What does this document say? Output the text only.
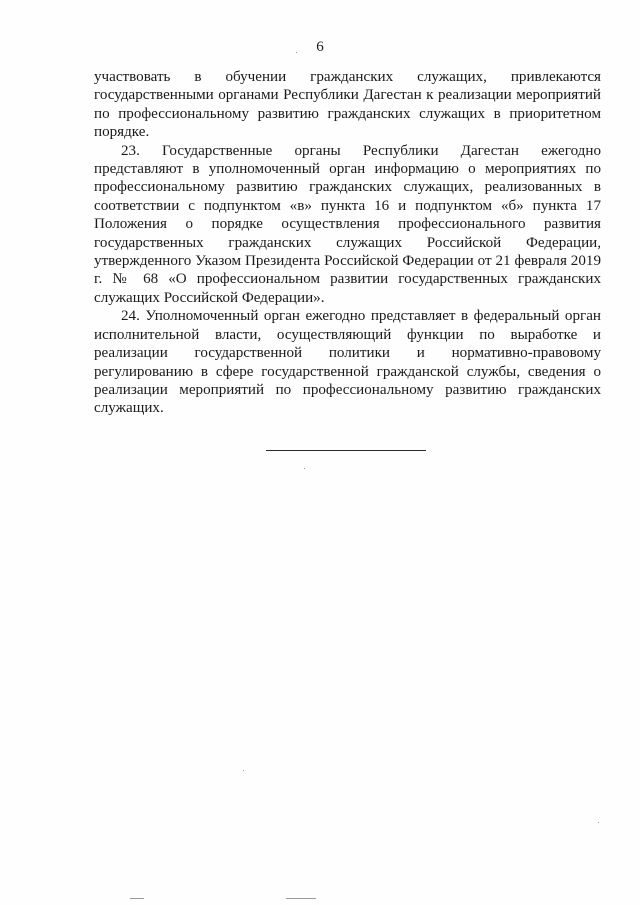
6

участвовать в обучении гражданских служащих, привлекаются государственными органами Республики Дагестан к реализации мероприятий по профессиональному развитию гражданских служащих в приоритетном порядке.

23. Государственные органы Республики Дагестан ежегодно представляют в уполномоченный орган информацию о мероприятиях по профессиональному развитию гражданских служащих, реализованных в соответствии с подпунктом «в» пункта 16 и подпунктом «б» пункта 17 Положения о порядке осуществления профессионального развития государственных гражданских служащих Российской Федерации, утвержденного Указом Президента Российской Федерации от 21 февраля 2019 г. № 68 «О профессиональном развитии государственных гражданских служащих Российской Федерации».

24. Уполномоченный орган ежегодно представляет в федеральный орган исполнительной власти, осуществляющий функции по выработке и реализации государственной политики и нормативно-правовому регулированию в сфере государственной гражданской службы, сведения о реализации мероприятий по профессиональному развитию гражданских служащих.
